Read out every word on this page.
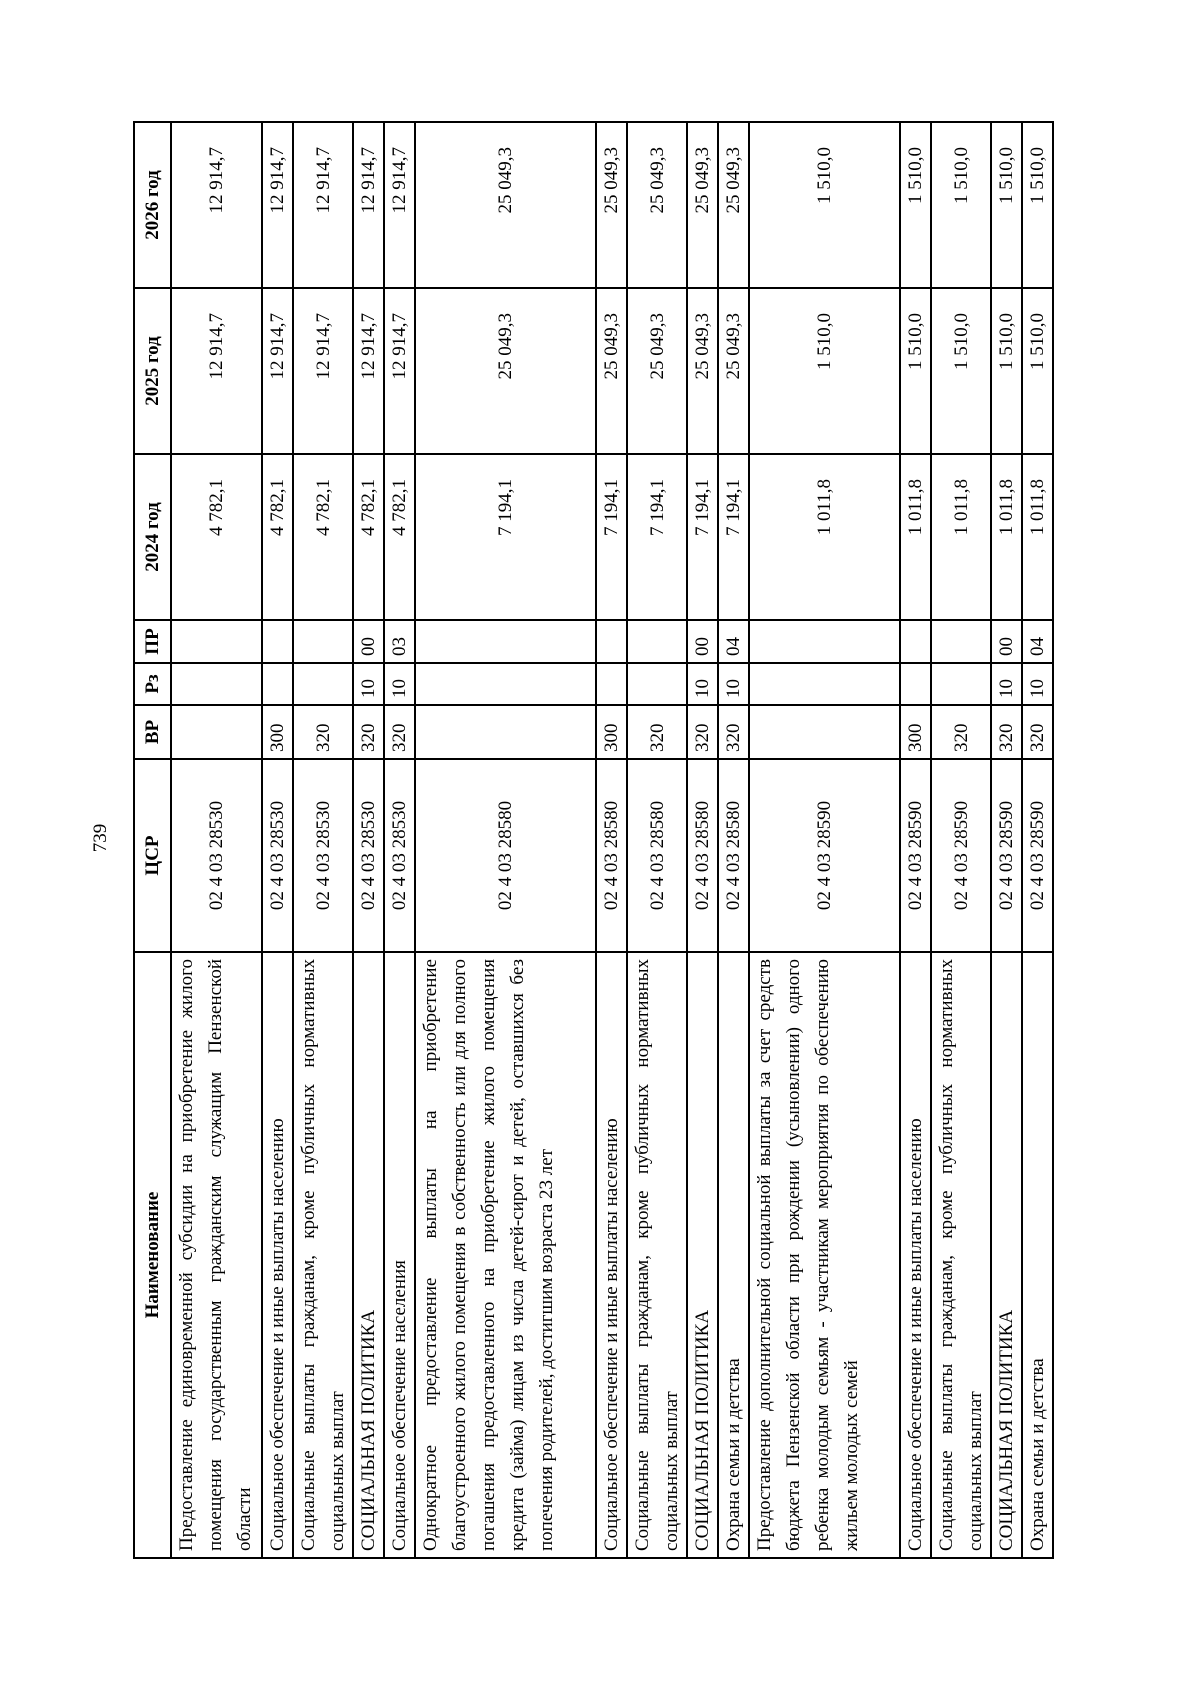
739
Наименование	ЦСР	ВР	Рз	ПР	2024 год	2025 год	2026 год
Предоставление единовременной субсидии на приобретение жилого помещения государственным гражданским служащим Пензенской области	02 4 03 28530				4 782,1	12 914,7	12 914,7
Социальное обеспечение и иные выплаты населению	02 4 03 28530	300			4 782,1	12 914,7	12 914,7
Социальные выплаты гражданам, кроме публичных нормативных социальных выплат	02 4 03 28530	320			4 782,1	12 914,7	12 914,7
СОЦИАЛЬНАЯ ПОЛИТИКА	02 4 03 28530	320	10	00	4 782,1	12 914,7	12 914,7
Социальное обеспечение населения	02 4 03 28530	320	10	03	4 782,1	12 914,7	12 914,7
Однократное предоставление выплаты на приобретение благоустроенного жилого помещения в собственность или для полного погашения предоставленного на приобретение жилого помещения кредита (займа) лицам из числа детей-сирот и детей, оставшихся без попечения родителей, достигшим возраста 23 лет	02 4 03 28580				7 194,1	25 049,3	25 049,3
Социальное обеспечение и иные выплаты населению	02 4 03 28580	300			7 194,1	25 049,3	25 049,3
Социальные выплаты гражданам, кроме публичных нормативных социальных выплат	02 4 03 28580	320			7 194,1	25 049,3	25 049,3
СОЦИАЛЬНАЯ ПОЛИТИКА	02 4 03 28580	320	10	00	7 194,1	25 049,3	25 049,3
Охрана семьи и детства	02 4 03 28580	320	10	04	7 194,1	25 049,3	25 049,3
Предоставление дополнительной социальной выплаты за счет средств бюджета Пензенской области при рождении (усыновлении) одного ребенка молодым семьям - участникам мероприятия по обеспечению жильем молодых семей	02 4 03 28590				1 011,8	1 510,0	1 510,0
Социальное обеспечение и иные выплаты населению	02 4 03 28590	300			1 011,8	1 510,0	1 510,0
Социальные выплаты гражданам, кроме публичных нормативных социальных выплат	02 4 03 28590	320			1 011,8	1 510,0	1 510,0
СОЦИАЛЬНАЯ ПОЛИТИКА	02 4 03 28590	320	10	00	1 011,8	1 510,0	1 510,0
Охрана семьи и детства	02 4 03 28590	320	10	04	1 011,8	1 510,0	1 510,0
